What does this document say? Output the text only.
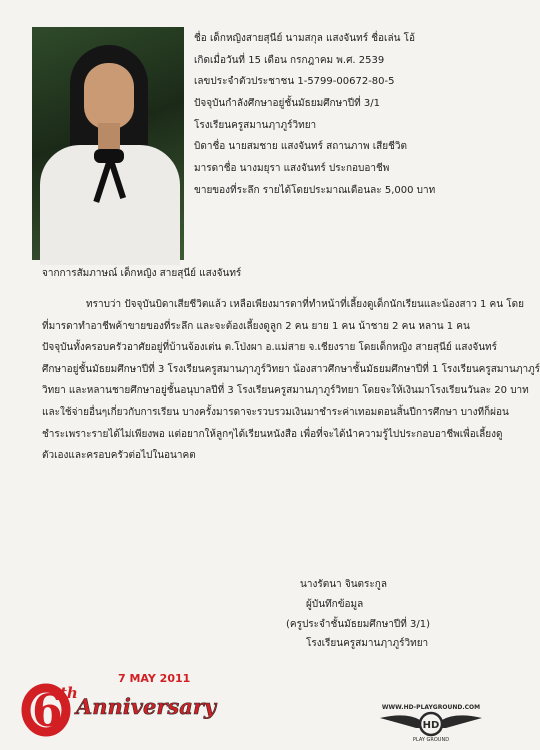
ชื่อ เด็กหญิงสายสุนีย์ นามสกุล แสงจันทร์ ชื่อเล่น โอ้
เกิดเมื่อวันที่ 15 เดือน กรกฎาคม พ.ศ. 2539
เลขประจำตัวประชาชน 1-5799-00672-80-5
ปัจจุบันกำลังศึกษาอยู่ชั้นมัธยมศึกษาปีที่ 3/1
โรงเรียนครูสมานฦาภูร์วิทยา
บิดาชื่อ นายสมชาย แสงจันทร์ สถานภาพ เสียชีวิต
มารดาชื่อ นางมยุรา แสงจันทร์ ประกอบอาชีพ
ขายของที่ระลึก รายได้โดยประมาณเดือนละ 5,000 บาท
จากการสัมภาษณ์ เด็กหญิง สายสุนีย์ แสงจันทร์
ทราบว่า ปัจจุบันบิดาเสียชีวิตแล้ว เหลือเพียงมารดาที่ทำหน้าที่เลี้ยงดูเด็กนักเรียนและน้องสาว 1 คน โดย
ที่มารดาทำอาชีพค้าขายของที่ระลึก และจะต้องเลี้ยงดูลูก 2 คน ยาย 1 คน น้าชาย 2 คน หลาน 1 คน
ปัจจุบันทั้งครอบครัวอาศัยอยู่ที่บ้านจ้องเต่น ต.โป่งผา อ.แม่สาย จ.เชียงราย โดยเด็กหญิง สายสุนีย์ แสงจันทร์
ศึกษาอยู่ชั้นมัธยมศึกษาปีที่ 3 โรงเรียนครูสมานฦาภูร์วิทยา น้องสาวศึกษาชั้นมัธยมศึกษาปีที่ 1 โรงเรียนครูสมานฦาภูร์
วิทยา และหลานชายศึกษาอยู่ชั้นอนุบาลปีที่ 3 โรงเรียนครูสมานฦาภูร์วิทยา โดยจะให้เงินมาโรงเรียนวันละ 20 บาท
และใช้จ่ายอื่นๆเกี่ยวกับการเรียน บางครั้งมารดาจะรวบรวมเงินมาชำระค่าเทอมตอนสิ้นปีการศึกษา บางทีก็ผ่อน
ชำระเพราะรายได้ไม่เพียงพอ แต่อยากให้ลูกๆได้เรียนหนังสือ เพื่อที่จะได้นำความรู้ไปประกอบอาชีพเพื่อเลี้ยงดู
ตัวเองและครอบครัวต่อไปในอนาคต
นางรัตนา จินตระกูล
ผู้บันทึกข้อมูล
(ครูประจำชั้นมัธยมศึกษาปีที่ 3/1)
โรงเรียนครูสมานฦาภูร์วิทยา
6
th
7 MAY 2011
Anniversary	WWW.HD-PLAYGROUND.COM
HD
PLAY GROUND
